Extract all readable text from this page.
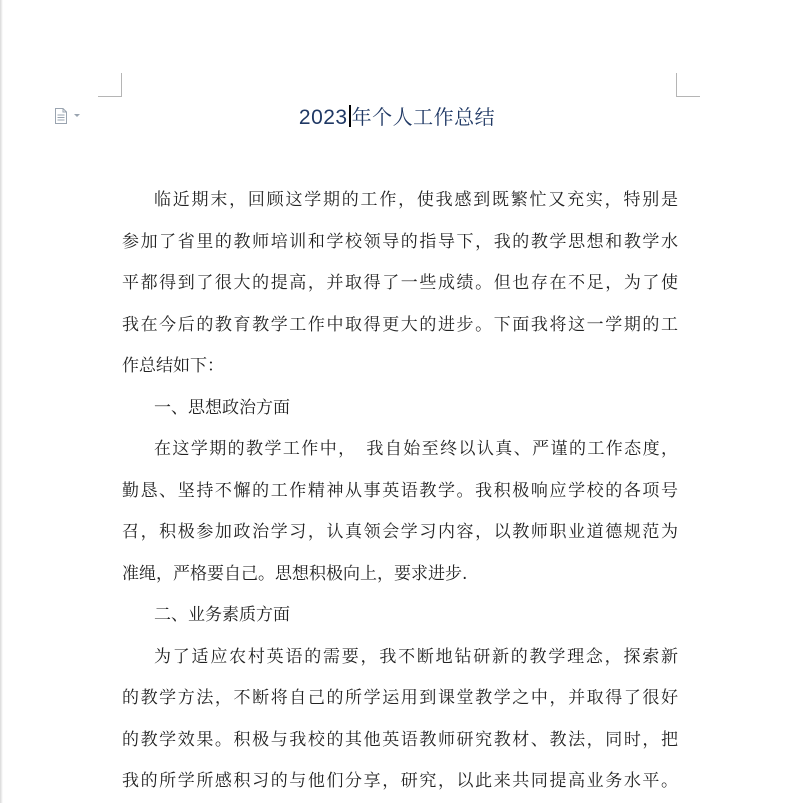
2023 年个人工作总结
临近期末，回顾这学期的工作，使我感到既繁忙又充实，特别是
参加了省里的教师培训和学校领导的指导下，我的教学思想和教学水
平都得到了很大的提高，并取得了一些成绩。但也存在不足，为了使
我在今后的教育教学工作中取得更大的进步。下面我将这一学期的工
作总结如下：
一、思想政治方面
在这学期的教学工作中，　我自始至终以认真、严谨的工作态度，
勤恳、坚持不懈的工作精神从事英语教学。我积极响应学校的各项号
召，积极参加政治学习，认真领会学习内容，以教师职业道德规范为
准绳，严格要自己。思想积极向上，要求进步.
二、业务素质方面
为了适应农村英语的需要，我不断地钻研新的教学理念，探索新
的教学方法，不断将自己的所学运用到课堂教学之中，并取得了很好
的教学效果。积极与我校的其他英语教师研究教材、教法，同时，把
我的所学所感积习的与他们分享，研究，以此来共同提高业务水平。
